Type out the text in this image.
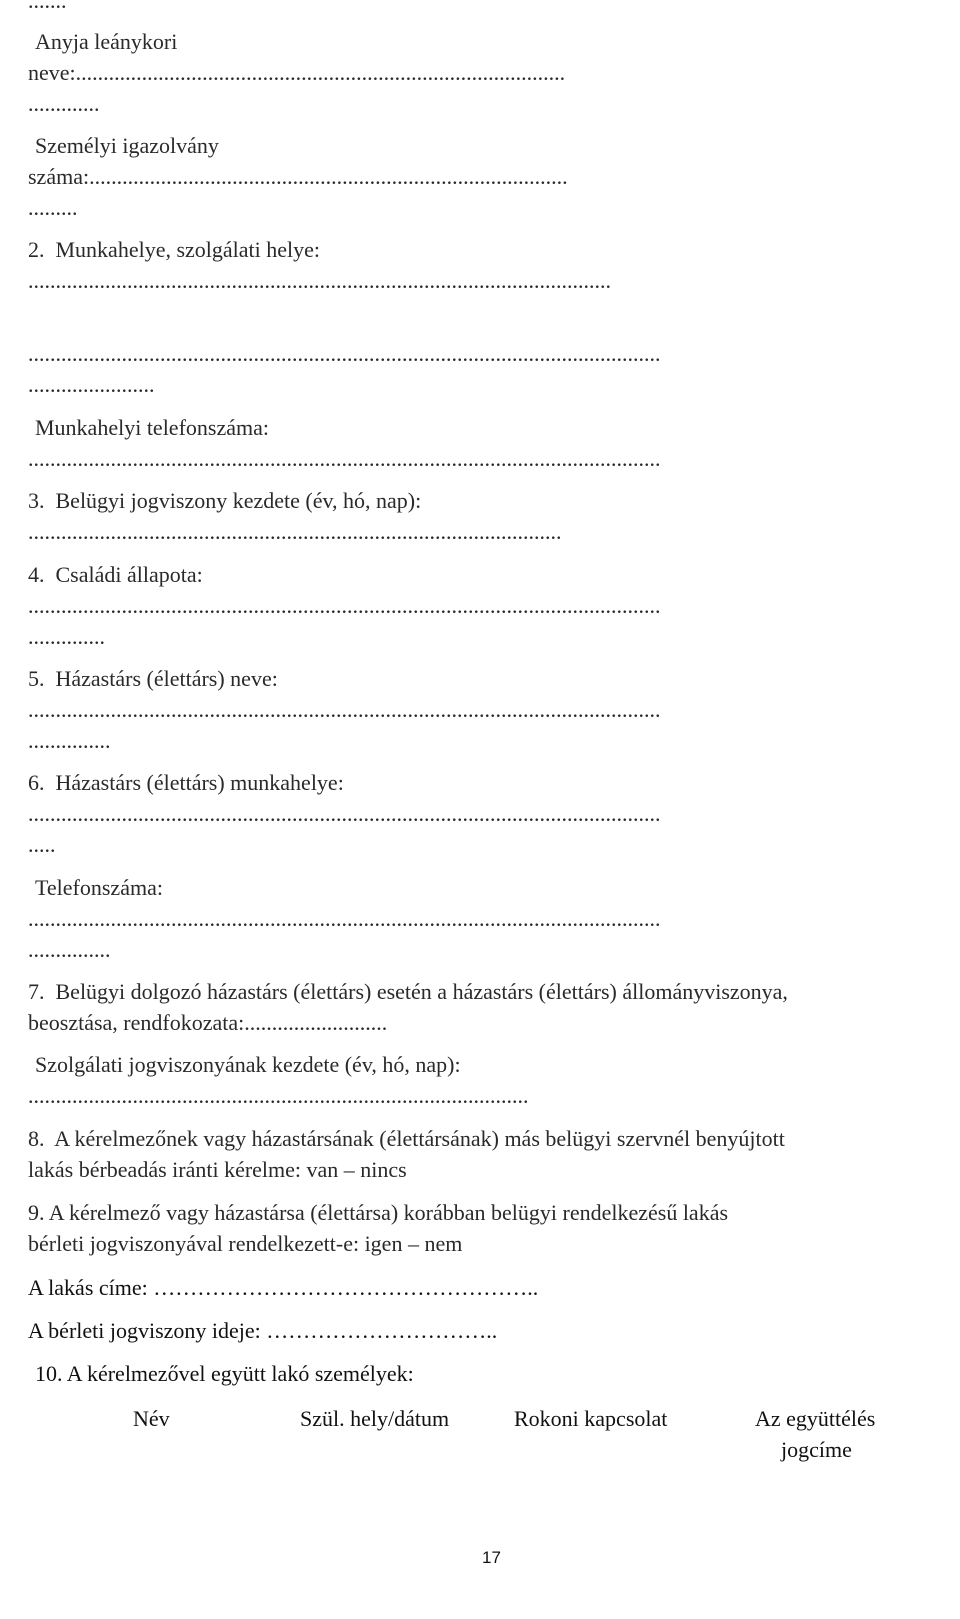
.......
Anyja leánykori
neve:.........................................................................................
.............
Személyi igazolvány
száma:.......................................................................................
.........
2.  Munkahelye, szolgálati helye:
..........................................................................................................
...................................................................................................................
.......................
Munkahelyi telefonszáma:
...................................................................................................................
3.  Belügyi jogviszony kezdete (év, hó, nap):
.................................................................................................
4.  Családi állapota:
...................................................................................................................
..............
5.  Házastárs (élettárs) neve:
...................................................................................................................
...............
6.  Házastárs (élettárs) munkahelye:
...................................................................................................................
.....
Telefonszáma:
...................................................................................................................
...............
7.  Belügyi dolgozó házastárs (élettárs) esetén a házastárs (élettárs) állományviszonya,
beosztása, rendfokozata:..........................
Szolgálati jogviszonyának kezdete (év, hó, nap):
...........................................................................................
8.  A kérelmezőnek vagy házastársának (élettársának) más belügyi szervnél benyújtott
lakás bérbeadás iránti kérelme: van – nincs
9. A kérelmező vagy házastársa (élettársa) korábban belügyi rendelkezésű lakás
bérleti jogviszonyával rendelkezett-e: igen – nem
A lakás címe: ……………………………………………..
A bérleti jogviszony ideje: …………………………..
10. A kérelmezővel együtt lakó személyek:
Név	Szül. hely/dátum	Rokoni kapcsolat	Az együttélés
jogcíme
17
